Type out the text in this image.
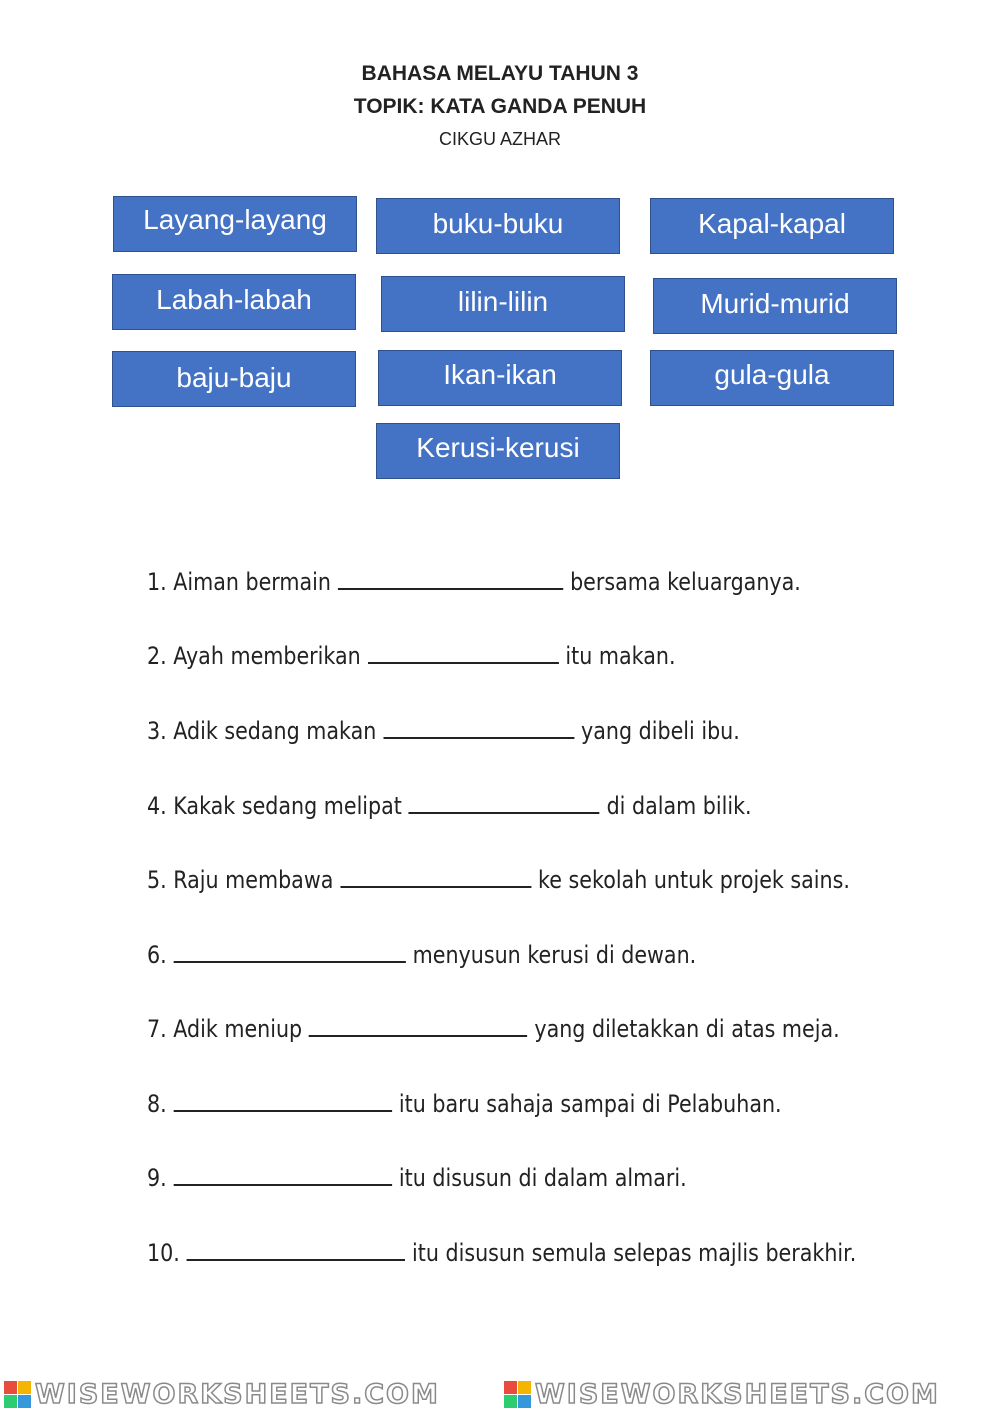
BAHASA MELAYU TAHUN 3
TOPIK: KATA GANDA PENUH
CIKGU AZHAR
Layang-layang	buku-buku	Kapal-kapal
Labah-labah	lilin-lilin	Murid-murid
baju-baju	Ikan-ikan	gula-gula
Kerusi-kerusi
1. Aiman bermain	bersama keluarganya.
2. Ayah memberikan	itu makan.
3. Adik sedang makan	yang dibeli ibu.
4. Kakak sedang melipat	di dalam bilik.
5. Raju membawa	ke sekolah untuk projek sains.
6.	menyusun kerusi di dewan.
7. Adik meniup	yang diletakkan di atas meja.
8.	itu baru sahaja sampai di Pelabuhan.
9.	itu disusun di dalam almari.
10.	itu disusun semula selepas majlis berakhir.
WISEWORKSHEETS.COM	WISEWORKSHEETS.COM
